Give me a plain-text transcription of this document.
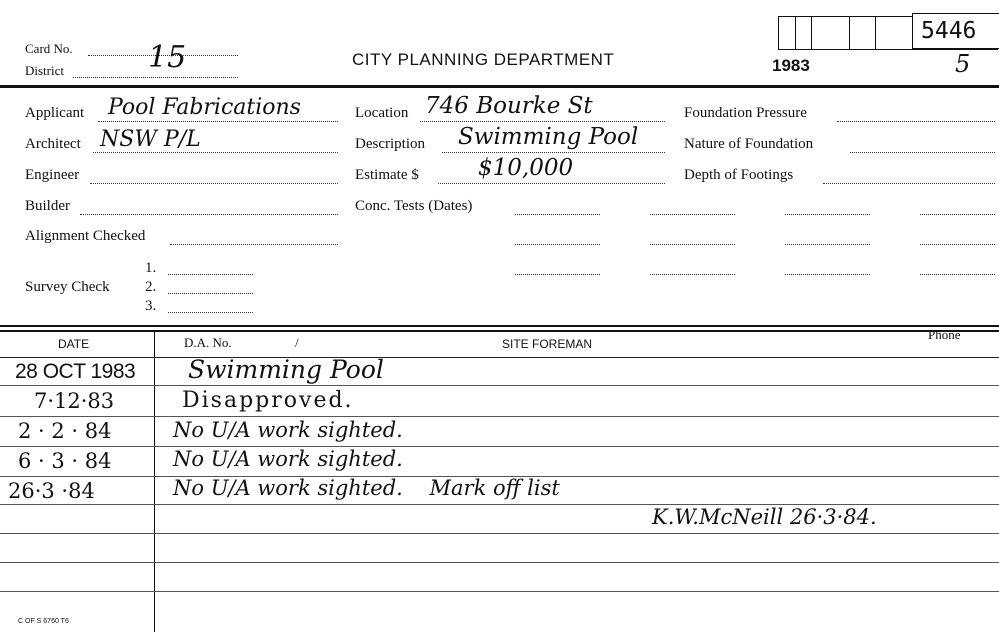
Card No.	15
District
CITY PLANNING DEPARTMENT	1983
5446
5
Applicant Pool Fabrications
Architect NSW P/L
Engineer
Builder
Alignment Checked
Survey Check
1.
2.
3.
Location 746 Bourke St
Description Swimming Pool
Estimate $	$10,000
Conc. Tests (Dates)
Foundation Pressure
Nature of Foundation
Depth of Footings
DATE	D.A. No.	/	SITE FOREMAN
Phone
28 OCT 1983 Swimming Pool
7·12·83	Disapproved.
2 · 2 · 84	No U/A work sighted.
6 · 3 · 84	No U/A work sighted.
26·3 ·84	No U/A work sighted.    Mark off list
K.W.McNeill 26·3·84.
C OF S 6760 T6
